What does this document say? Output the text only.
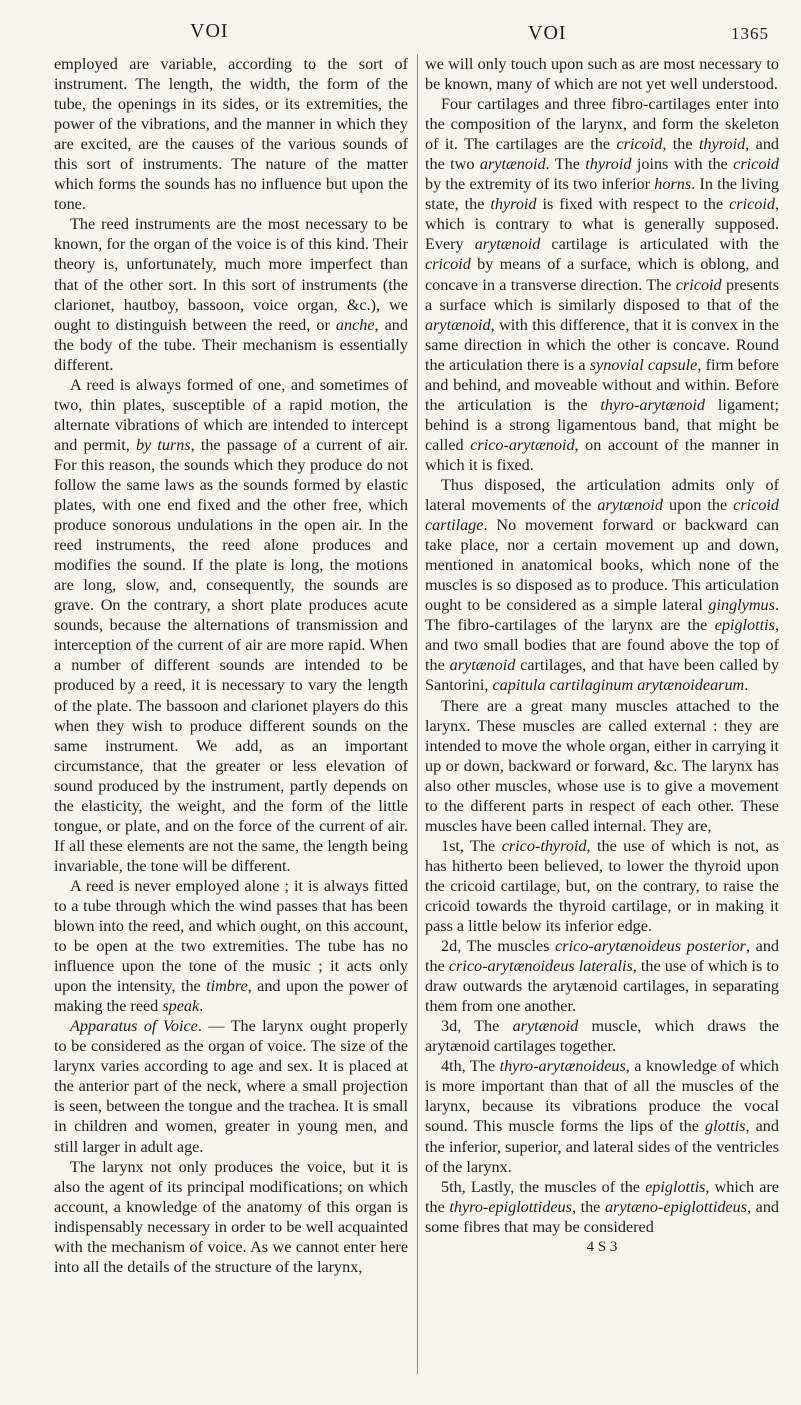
VOI	VOI	1365

employed are variable, according to the sort of instrument. The length, the width, the form of the tube, the openings in its sides, or its extremities, the power of the vibrations, and the manner in which they are excited, are the causes of the various sounds of this sort of instruments. The nature of the matter which forms the sounds has no influence but upon the tone.

The reed instruments are the most necessary to be known, for the organ of the voice is of this kind. Their theory is, unfortunately, much more imperfect than that of the other sort. In this sort of instruments (the clarionet, hautboy, bassoon, voice organ, &c.), we ought to distinguish between the reed, or anche, and the body of the tube. Their mechanism is essentially different.

A reed is always formed of one, and sometimes of two, thin plates, susceptible of a rapid motion, the alternate vibrations of which are intended to intercept and permit, by turns, the passage of a current of air. For this reason, the sounds which they produce do not follow the same laws as the sounds formed by elastic plates, with one end fixed and the other free, which produce sonorous undulations in the open air. In the reed instruments, the reed alone produces and modifies the sound. If the plate is long, the motions are long, slow, and, consequently, the sounds are grave. On the contrary, a short plate produces acute sounds, because the alternations of transmission and interception of the current of air are more rapid. When a number of different sounds are intended to be produced by a reed, it is necessary to vary the length of the plate. The bassoon and clarionet players do this when they wish to produce different sounds on the same instrument. We add, as an important circumstance, that the greater or less elevation of sound produced by the instrument, partly depends on the elasticity, the weight, and the form of the little tongue, or plate, and on the force of the current of air. If all these elements are not the same, the length being invariable, the tone will be different.

A reed is never employed alone ; it is always fitted to a tube through which the wind passes that has been blown into the reed, and which ought, on this account, to be open at the two extremities. The tube has no influence upon the tone of the music ; it acts only upon the intensity, the timbre, and upon the power of making the reed speak.

Apparatus of Voice. — The larynx ought properly to be considered as the organ of voice. The size of the larynx varies according to age and sex. It is placed at the anterior part of the neck, where a small projection is seen, between the tongue and the trachea. It is small in children and women, greater in young men, and still larger in adult age.

The larynx not only produces the voice, but it is also the agent of its principal modifications; on which account, a knowledge of the anatomy of this organ is indispensably necessary in order to be well acquainted with the mechanism of voice. As we cannot enter here into all the details of the structure of the larynx,

we will only touch upon such as are most necessary to be known, many of which are not yet well understood.

Four cartilages and three fibro-cartilages enter into the composition of the larynx, and form the skeleton of it. The cartilages are the cricoid, the thyroid, and the two arytænoid. The thyroid joins with the cricoid by the extremity of its two inferior horns. In the living state, the thyroid is fixed with respect to the cricoid, which is contrary to what is generally supposed. Every arytænoid cartilage is articulated with the cricoid by means of a surface, which is oblong, and concave in a transverse direction. The cricoid presents a surface which is similarly disposed to that of the arytænoid, with this difference, that it is convex in the same direction in which the other is concave. Round the articulation there is a synovial capsule, firm before and behind, and moveable without and within. Before the articulation is the thyro-arytænoid ligament; behind is a strong ligamentous band, that might be called crico-arytænoid, on account of the manner in which it is fixed.

Thus disposed, the articulation admits only of lateral movements of the arytænoid upon the cricoid cartilage. No movement forward or backward can take place, nor a certain movement up and down, mentioned in anatomical books, which none of the muscles is so disposed as to produce. This articulation ought to be considered as a simple lateral ginglymus. The fibro-cartilages of the larynx are the epiglottis, and two small bodies that are found above the top of the arytænoid cartilages, and that have been called by Santorini, capitula cartilaginum arytænoidearum.

There are a great many muscles attached to the larynx. These muscles are called external : they are intended to move the whole organ, either in carrying it up or down, backward or forward, &c. The larynx has also other muscles, whose use is to give a movement to the different parts in respect of each other. These muscles have been called internal. They are,

1st, The crico-thyroid, the use of which is not, as has hitherto been believed, to lower the thyroid upon the cricoid cartilage, but, on the contrary, to raise the cricoid towards the thyroid cartilage, or in making it pass a little below its inferior edge.

2d, The muscles crico-arytænoideus posterior, and the crico-arytænoideus lateralis, the use of which is to draw outwards the arytænoid cartilages, in separating them from one another.

3d, The arytænoid muscle, which draws the arytænoid cartilages together.

4th, The thyro-arytænoideus, a knowledge of which is more important than that of all the muscles of the larynx, because its vibrations produce the vocal sound. This muscle forms the lips of the glottis, and the inferior, superior, and lateral sides of the ventricles of the larynx.

5th, Lastly, the muscles of the epiglottis, which are the thyro-epiglottideus, the arytæno-epiglottideus, and some fibres that may be considered

4 S 3
